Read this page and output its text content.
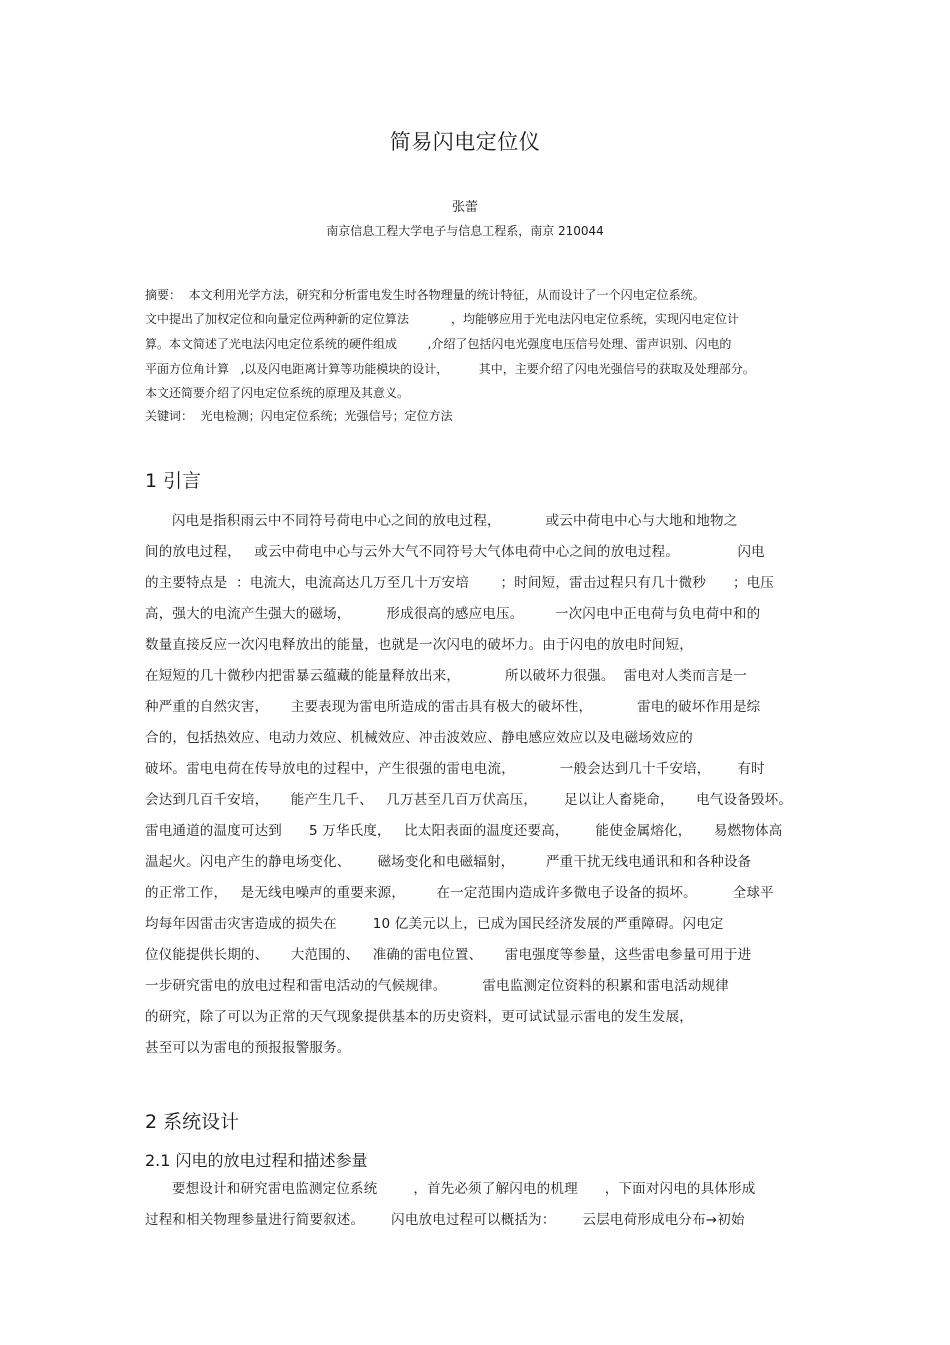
简易闪电定位仪
张蕾
南京信息工程大学电子与信息工程系，南京 210044
摘要：  本文利用光学方法，研究和分析雷电发生时各物理量的统计特征，从而设计了一个闪电定位系统。
文中提出了加权定位和向量定位两种新的定位算法           ，均能够应用于光电法闪电定位系统，实现闪电定位计
算。本文简述了光电法闪电定位系统的硬件组成        ,介绍了包括闪电光强度电压信号处理、雷声识别、闪电的
平面方位角计算   ,以及闪电距离计算等功能模块的设计，        其中，主要介绍了闪电光强信号的获取及处理部分。
本文还简要介绍了闪电定位系统的原理及其意义。
关键词：  光电检测；闪电定位系统；光强信号；定位方法
1 引言
闪电是指积雨云中不同符号荷电中心之间的放电过程，          或云中荷电中心与大地和地物之
间的放电过程，   或云中荷电中心与云外大气不同符号大气体电荷中心之间的放电过程。             闪电
的主要特点是  ：电流大，电流高达几万至几十万安培       ；时间短，雷击过程只有几十微秒      ；电压
高，强大的电流产生强大的磁场，        形成很高的感应电压。       一次闪电中正电荷与负电荷中和的
数量直接反应一次闪电释放出的能量，也就是一次闪电的破坏力。由于闪电的放电时间短，
在短短的几十微秒内把雷暴云蕴藏的能量释放出来，          所以破坏力很强。  雷电对人类而言是一
种严重的自然灾害，     主要表现为雷电所造成的雷击具有极大的破坏性，          雷电的破坏作用是综
合的，包括热效应、电动力效应、机械效应、冲击波效应、静电感应效应以及电磁场效应的
破坏。雷电电荷在传导放电的过程中，产生很强的雷电电流，          一般会达到几十千安培，      有时
会达到几百千安培，     能产生几千、   几万甚至几百万伏高压，      足以让人畜毙命，     电气设备毁坏。
雷电通道的温度可达到      5 万华氏度，   比太阳表面的温度还要高，      能使金属熔化，     易燃物体高
温起火。闪电产生的静电场变化、      磁场变化和电磁辐射，       严重干扰无线电通讯和和各种设备
的正常工作，   是无线电噪声的重要来源，       在一定范围内造成许多微电子设备的损坏。        全球平
均每年因雷击灾害造成的损失在        10 亿美元以上，已成为国民经济发展的严重障碍。闪电定
位仪能提供长期的、     大范围的、   准确的雷电位置、     雷电强度等参量，这些雷电参量可用于进
一步研究雷电的放电过程和雷电活动的气候规律。        雷电监测定位资料的积累和雷电活动规律
的研究，除了可以为正常的天气现象提供基本的历史资料，更可试试显示雷电的发生发展，
甚至可以为雷电的预报报警服务。
2 系统设计
2.1 闪电的放电过程和描述参量
要想设计和研究雷电监测定位系统        ，首先必须了解闪电的机理      ，下面对闪电的具体形成
过程和相关物理参量进行简要叙述。      闪电放电过程可以概括为：      云层电荷形成电分布→初始
